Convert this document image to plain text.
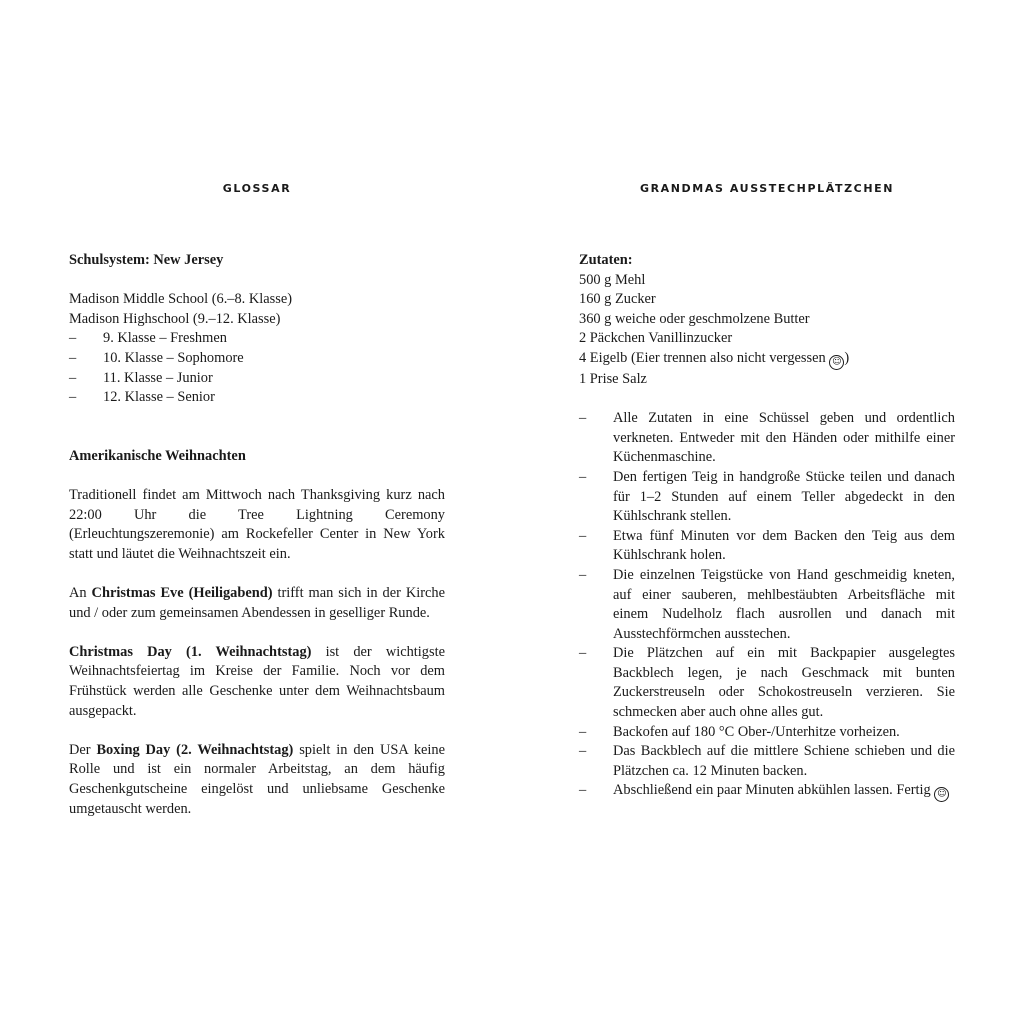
GLOSSAR
Schulsystem: New Jersey
Madison Middle School (6.–8. Klasse)
Madison Highschool (9.–12. Klasse)
–	9. Klasse – Freshmen
–	10. Klasse – Sophomore
–	11. Klasse – Junior
–	12. Klasse – Senior
Amerikanische Weihnachten
Traditionell findet am Mittwoch nach Thanksgiving kurz nach 22:00 Uhr die Tree Lightning Ceremony (Erleuchtungszeremonie) am Rockefeller Center in New York statt und läutet die Weihnachtszeit ein.
An Christmas Eve (Heiligabend) trifft man sich in der Kirche und / oder zum gemeinsamen Abendessen in geselliger Runde.
Christmas Day (1. Weihnachtstag) ist der wichtigste Weihnachtsfeiertag im Kreise der Familie. Noch vor dem Frühstück werden alle Geschenke unter dem Weihnachtsbaum ausgepackt.
Der Boxing Day (2. Weihnachtstag) spielt in den USA keine Rolle und ist ein normaler Arbeitstag, an dem häufig Geschenkgutscheine eingelöst und unliebsame Geschenke umgetauscht werden.
GRANDMAS AUSSTECHPLÄTZCHEN
Zutaten:
500 g Mehl
160 g Zucker
360 g weiche oder geschmolzene Butter
2 Päckchen Vanillinzucker
4 Eigelb (Eier trennen also nicht vergessen ☺ )
1 Prise Salz
–	Alle Zutaten in eine Schüssel geben und ordentlich verkneten. Entweder mit den Händen oder mithilfe einer Küchenmaschine.
–	Den fertigen Teig in handgroße Stücke teilen und danach für 1–2 Stunden auf einem Teller abgedeckt in den Kühlschrank stellen.
–	Etwa fünf Minuten vor dem Backen den Teig aus dem Kühlschrank holen.
–	Die einzelnen Teigstücke von Hand geschmeidig kneten, auf einer sauberen, mehlbestäubten Arbeitsfläche mit einem Nudelholz flach ausrollen und danach mit Ausstechförmchen ausstechen.
–	Die Plätzchen auf ein mit Backpapier ausgelegtes Backblech legen, je nach Geschmack mit bunten Zuckerstreuseln oder Schokostreuseln verzieren. Sie schmecken aber auch ohne alles gut.
–	Backofen auf 180 °C Ober-/Unterhitze vorheizen.
–	Das Backblech auf die mittlere Schiene schieben und die Plätzchen ca. 12 Minuten backen.
–	Abschließend ein paar Minuten abkühlen lassen. Fertig ☺
